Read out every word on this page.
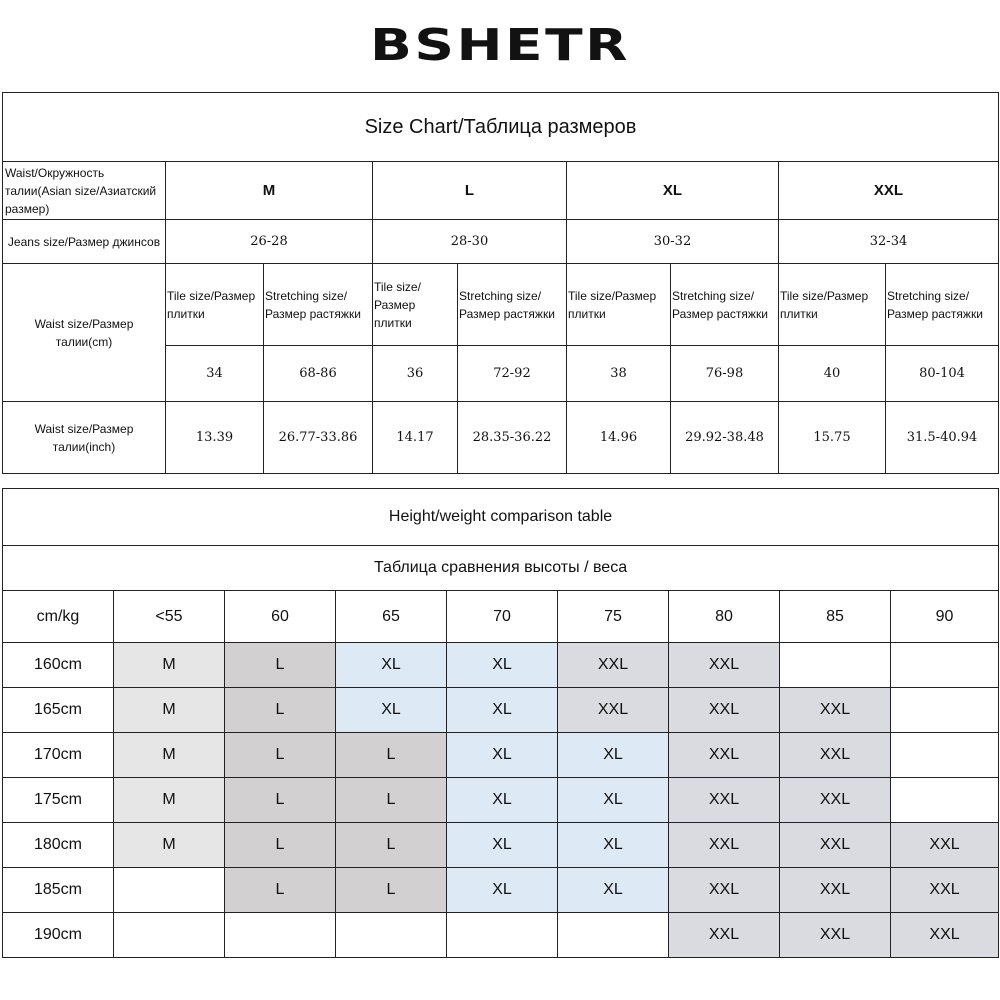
BSHETR
Size Chart/Таблица размеров								
Waist/Окружность талии(Asian size/Азиатский размер)	M		L		XL		XXL	
Jeans size/Размер джинсов	26-28		28-30		30-32		32-34	
Waist size/Размер талии(cm)	Tile size/Размер плитки	Stretching size/Размер растяжки	Tile size/Размер плитки	Stretching size/Размер растяжки	Tile size/Размер плитки	Stretching size/Размер растяжки	Tile size/Размер плитки	Stretching size/Размер растяжки
	34	68-86	36	72-92	38	76-98	40	80-104
Waist size/Размер талии(inch)	13.39	26.77-33.86	14.17	28.35-36.22	14.96	29.92-38.48	15.75	31.5-40.94
Height/weight comparison table								
Таблица сравнения высоты / веса								
cm/kg	<55	60	65	70	75	80	85	90
160cm	M	L	XL	XL	XXL	XXL		
165cm	M	L	XL	XL	XXL	XXL	XXL	
170cm	M	L	L	XL	XL	XXL	XXL	
175cm	M	L	L	XL	XL	XXL	XXL	
180cm	M	L	L	XL	XL	XXL	XXL	XXL
185cm		L	L	XL	XL	XXL	XXL	XXL
190cm						XXL	XXL	XXL
